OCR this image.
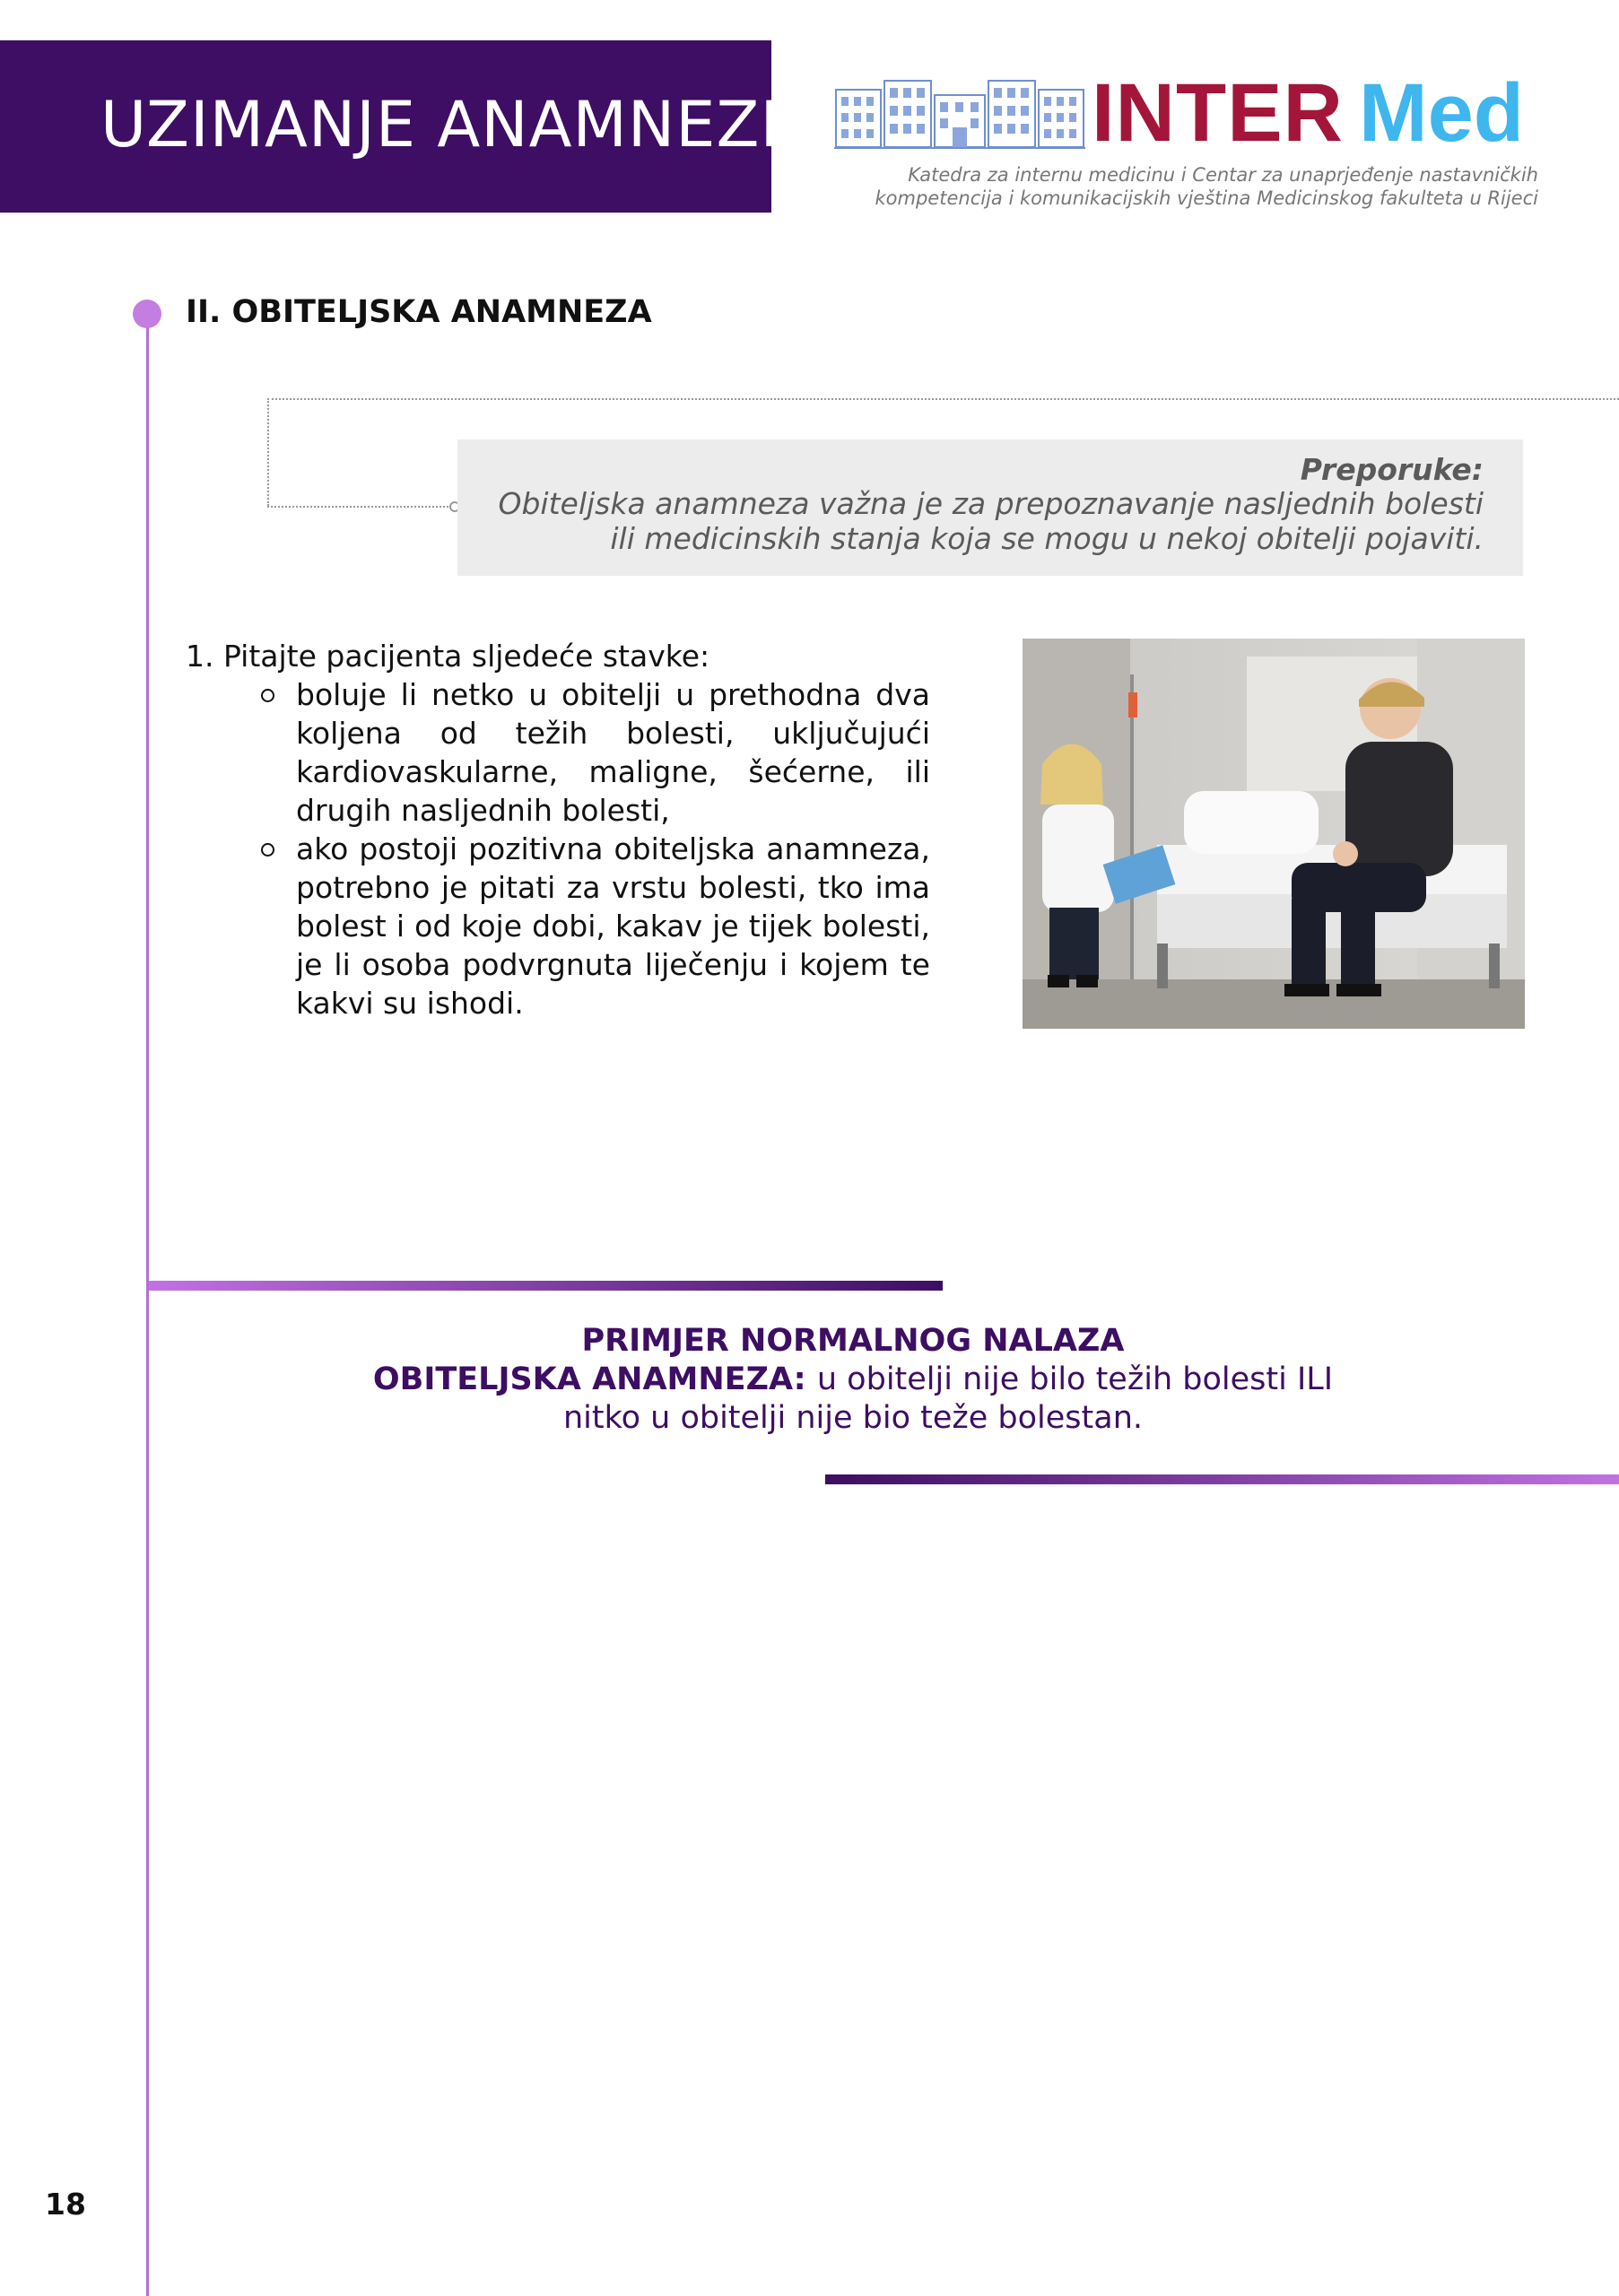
UZIMANJE ANAMNEZE	INTER Med
Katedra za internu medicinu i Centar za unaprjeđenje nastavničkih
kompetencija i komunikacijskih vještina Medicinskog fakulteta u Rijeci
II. OBITELJSKA ANAMNEZA
Preporuke:
Obiteljska anamneza važna je za prepoznavanje nasljednih bolesti ili medicinskih stanja koja se mogu u nekoj obitelji pojaviti.
1. Pitajte pacijenta sljedeće stavke:
boluje li netko u obitelji u prethodna dva koljena od težih bolesti, uključujući kardiovaskularne, maligne, šećerne, ili drugih nasljednih bolesti,
ako postoji pozitivna obiteljska anamneza, potrebno je pitati za vrstu bolesti, tko ima bolest i od koje dobi, kakav je tijek bolesti, je li osoba podvrgnuta liječenju i kojem te kakvi su ishodi.
PRIMJER NORMALNOG NALAZA
OBITELJSKA ANAMNEZA: u obitelji nije bilo težih bolesti ILI
nitko u obitelji nije bio teže bolestan.
18
